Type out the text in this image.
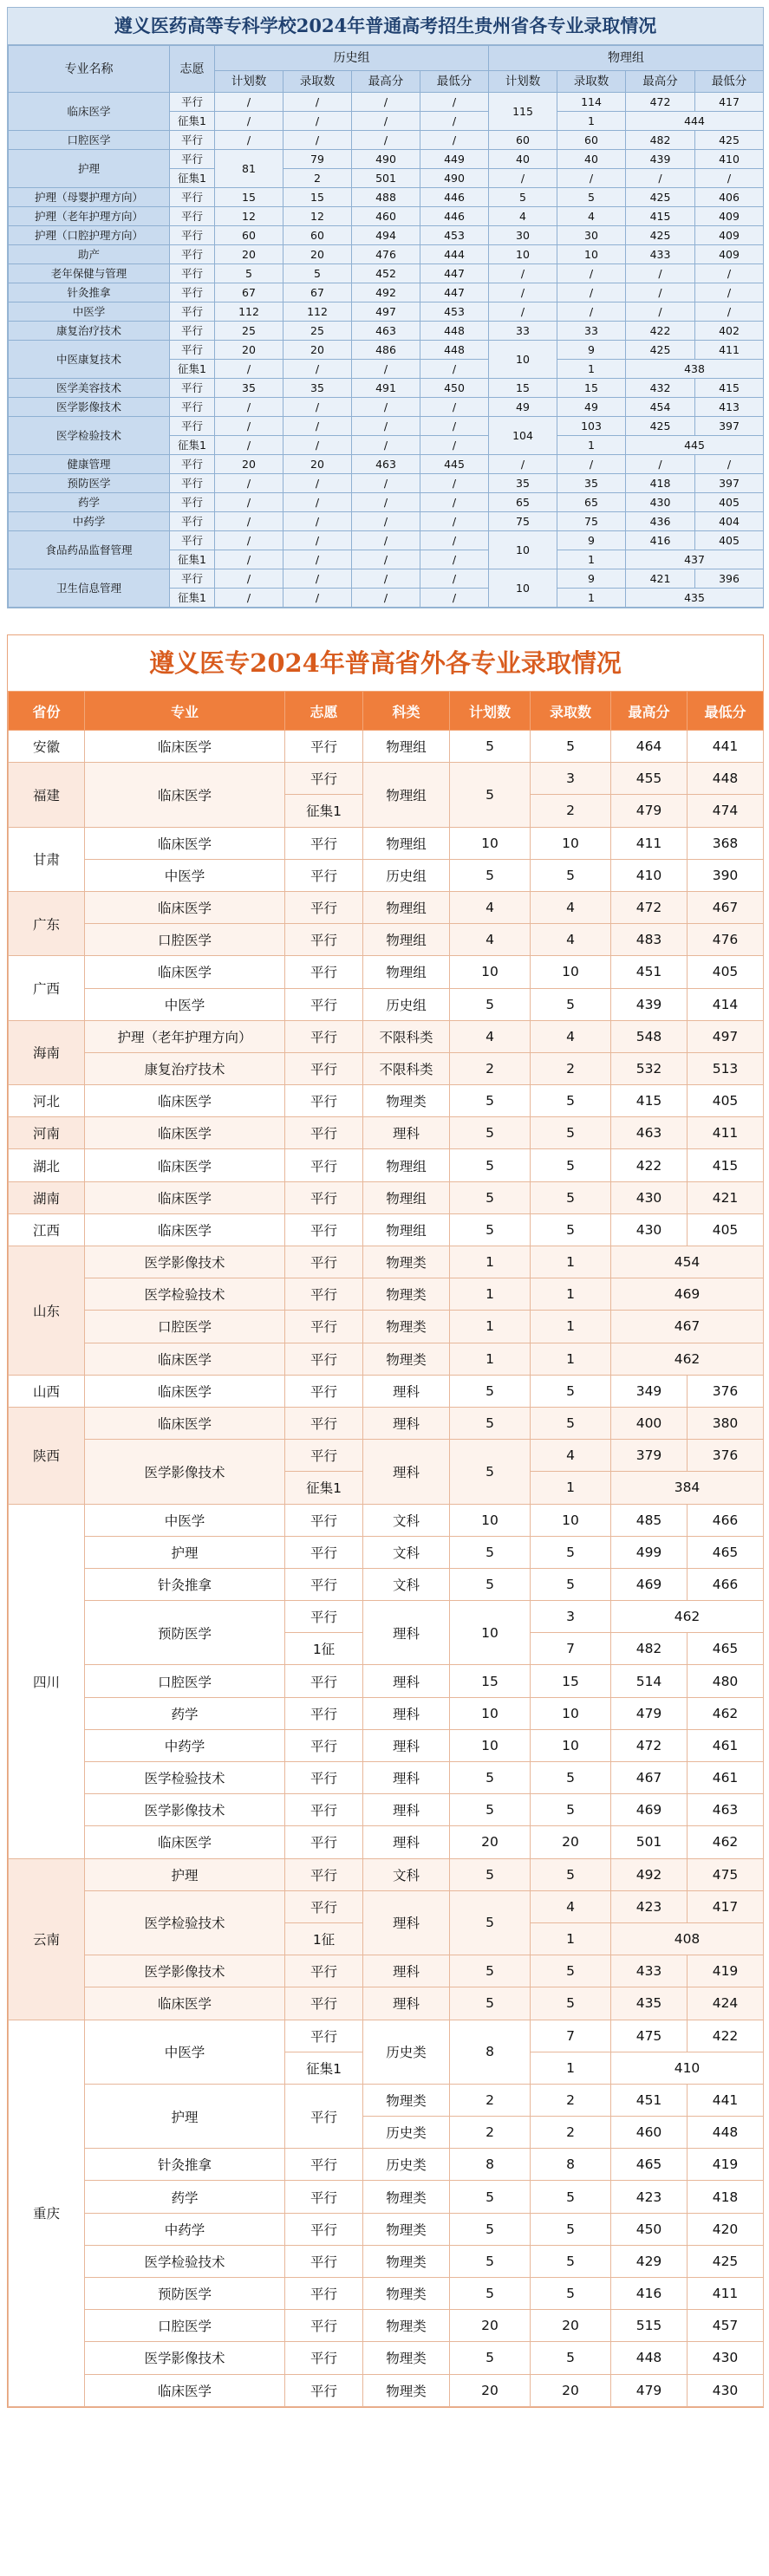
遵义医药高等专科学校2024年普通高考招生贵州省各专业录取情况
专业名称	志愿	历史组				物理组			
		计划数	录取数	最高分	最低分	计划数	录取数	最高分	最低分
临床医学	平行	/	/	/	/	115	114	472	417
	征集1	/	/	/	/		1	444	
口腔医学	平行	/	/	/	/	60	60	482	425
护理	平行	81	79	490	449	40	40	439	410
	征集1		2	501	490	/	/	/	/
护理（母婴护理方向）	平行	15	15	488	446	5	5	425	406
护理（老年护理方向）	平行	12	12	460	446	4	4	415	409
护理（口腔护理方向）	平行	60	60	494	453	30	30	425	409
助产	平行	20	20	476	444	10	10	433	409
老年保健与管理	平行	5	5	452	447	/	/	/	/
针灸推拿	平行	67	67	492	447	/	/	/	/
中医学	平行	112	112	497	453	/	/	/	/
康复治疗技术	平行	25	25	463	448	33	33	422	402
中医康复技术	平行	20	20	486	448	10	9	425	411
	征集1	/	/	/	/		1	438	
医学美容技术	平行	35	35	491	450	15	15	432	415
医学影像技术	平行	/	/	/	/	49	49	454	413
医学检验技术	平行	/	/	/	/	104	103	425	397
	征集1	/	/	/	/		1	445	
健康管理	平行	20	20	463	445	/	/	/	/
预防医学	平行	/	/	/	/	35	35	418	397
药学	平行	/	/	/	/	65	65	430	405
中药学	平行	/	/	/	/	75	75	436	404
食品药品监督管理	平行	/	/	/	/	10	9	416	405
	征集1	/	/	/	/		1	437	
卫生信息管理	平行	/	/	/	/	10	9	421	396
	征集1	/	/	/	/		1	435	
遵义医专2024年普高省外各专业录取情况
省份	专业	志愿	科类	计划数	录取数	最高分	最低分
安徽	临床医学	平行	物理组	5	5	464	441
福建	临床医学	平行	物理组	5	3	455	448
		征集1			2	479	474
甘肃	临床医学	平行	物理组	10	10	411	368
	中医学	平行	历史组	5	5	410	390
广东	临床医学	平行	物理组	4	4	472	467
	口腔医学	平行	物理组	4	4	483	476
广西	临床医学	平行	物理组	10	10	451	405
	中医学	平行	历史组	5	5	439	414
海南	护理（老年护理方向）	平行	不限科类	4	4	548	497
	康复治疗技术	平行	不限科类	2	2	532	513
河北	临床医学	平行	物理类	5	5	415	405
河南	临床医学	平行	理科	5	5	463	411
湖北	临床医学	平行	物理组	5	5	422	415
湖南	临床医学	平行	物理组	5	5	430	421
江西	临床医学	平行	物理组	5	5	430	405
山东	医学影像技术	平行	物理类	1	1	454	
	医学检验技术	平行	物理类	1	1	469	
	口腔医学	平行	物理类	1	1	467	
	临床医学	平行	物理类	1	1	462	
山西	临床医学	平行	理科	5	5	349	376
陕西	临床医学	平行	理科	5	5	400	380
	医学影像技术	平行	理科	5	4	379	376
		征集1			1	384	
四川	中医学	平行	文科	10	10	485	466
	护理	平行	文科	5	5	499	465
	针灸推拿	平行	文科	5	5	469	466
	预防医学	平行	理科	10	3	462	
		1征			7	482	465
	口腔医学	平行	理科	15	15	514	480
	药学	平行	理科	10	10	479	462
	中药学	平行	理科	10	10	472	461
	医学检验技术	平行	理科	5	5	467	461
	医学影像技术	平行	理科	5	5	469	463
	临床医学	平行	理科	20	20	501	462
云南	护理	平行	文科	5	5	492	475
	医学检验技术	平行	理科	5	4	423	417
		1征			1	408	
	医学影像技术	平行	理科	5	5	433	419
	临床医学	平行	理科	5	5	435	424
重庆	中医学	平行	历史类	8	7	475	422
		征集1			1	410	
	护理	平行	物理类	2	2	451	441
			历史类	2	2	460	448
	针灸推拿	平行	历史类	8	8	465	419
	药学	平行	物理类	5	5	423	418
	中药学	平行	物理类	5	5	450	420
	医学检验技术	平行	物理类	5	5	429	425
	预防医学	平行	物理类	5	5	416	411
	口腔医学	平行	物理类	20	20	515	457
	医学影像技术	平行	物理类	5	5	448	430
	临床医学	平行	物理类	20	20	479	430
